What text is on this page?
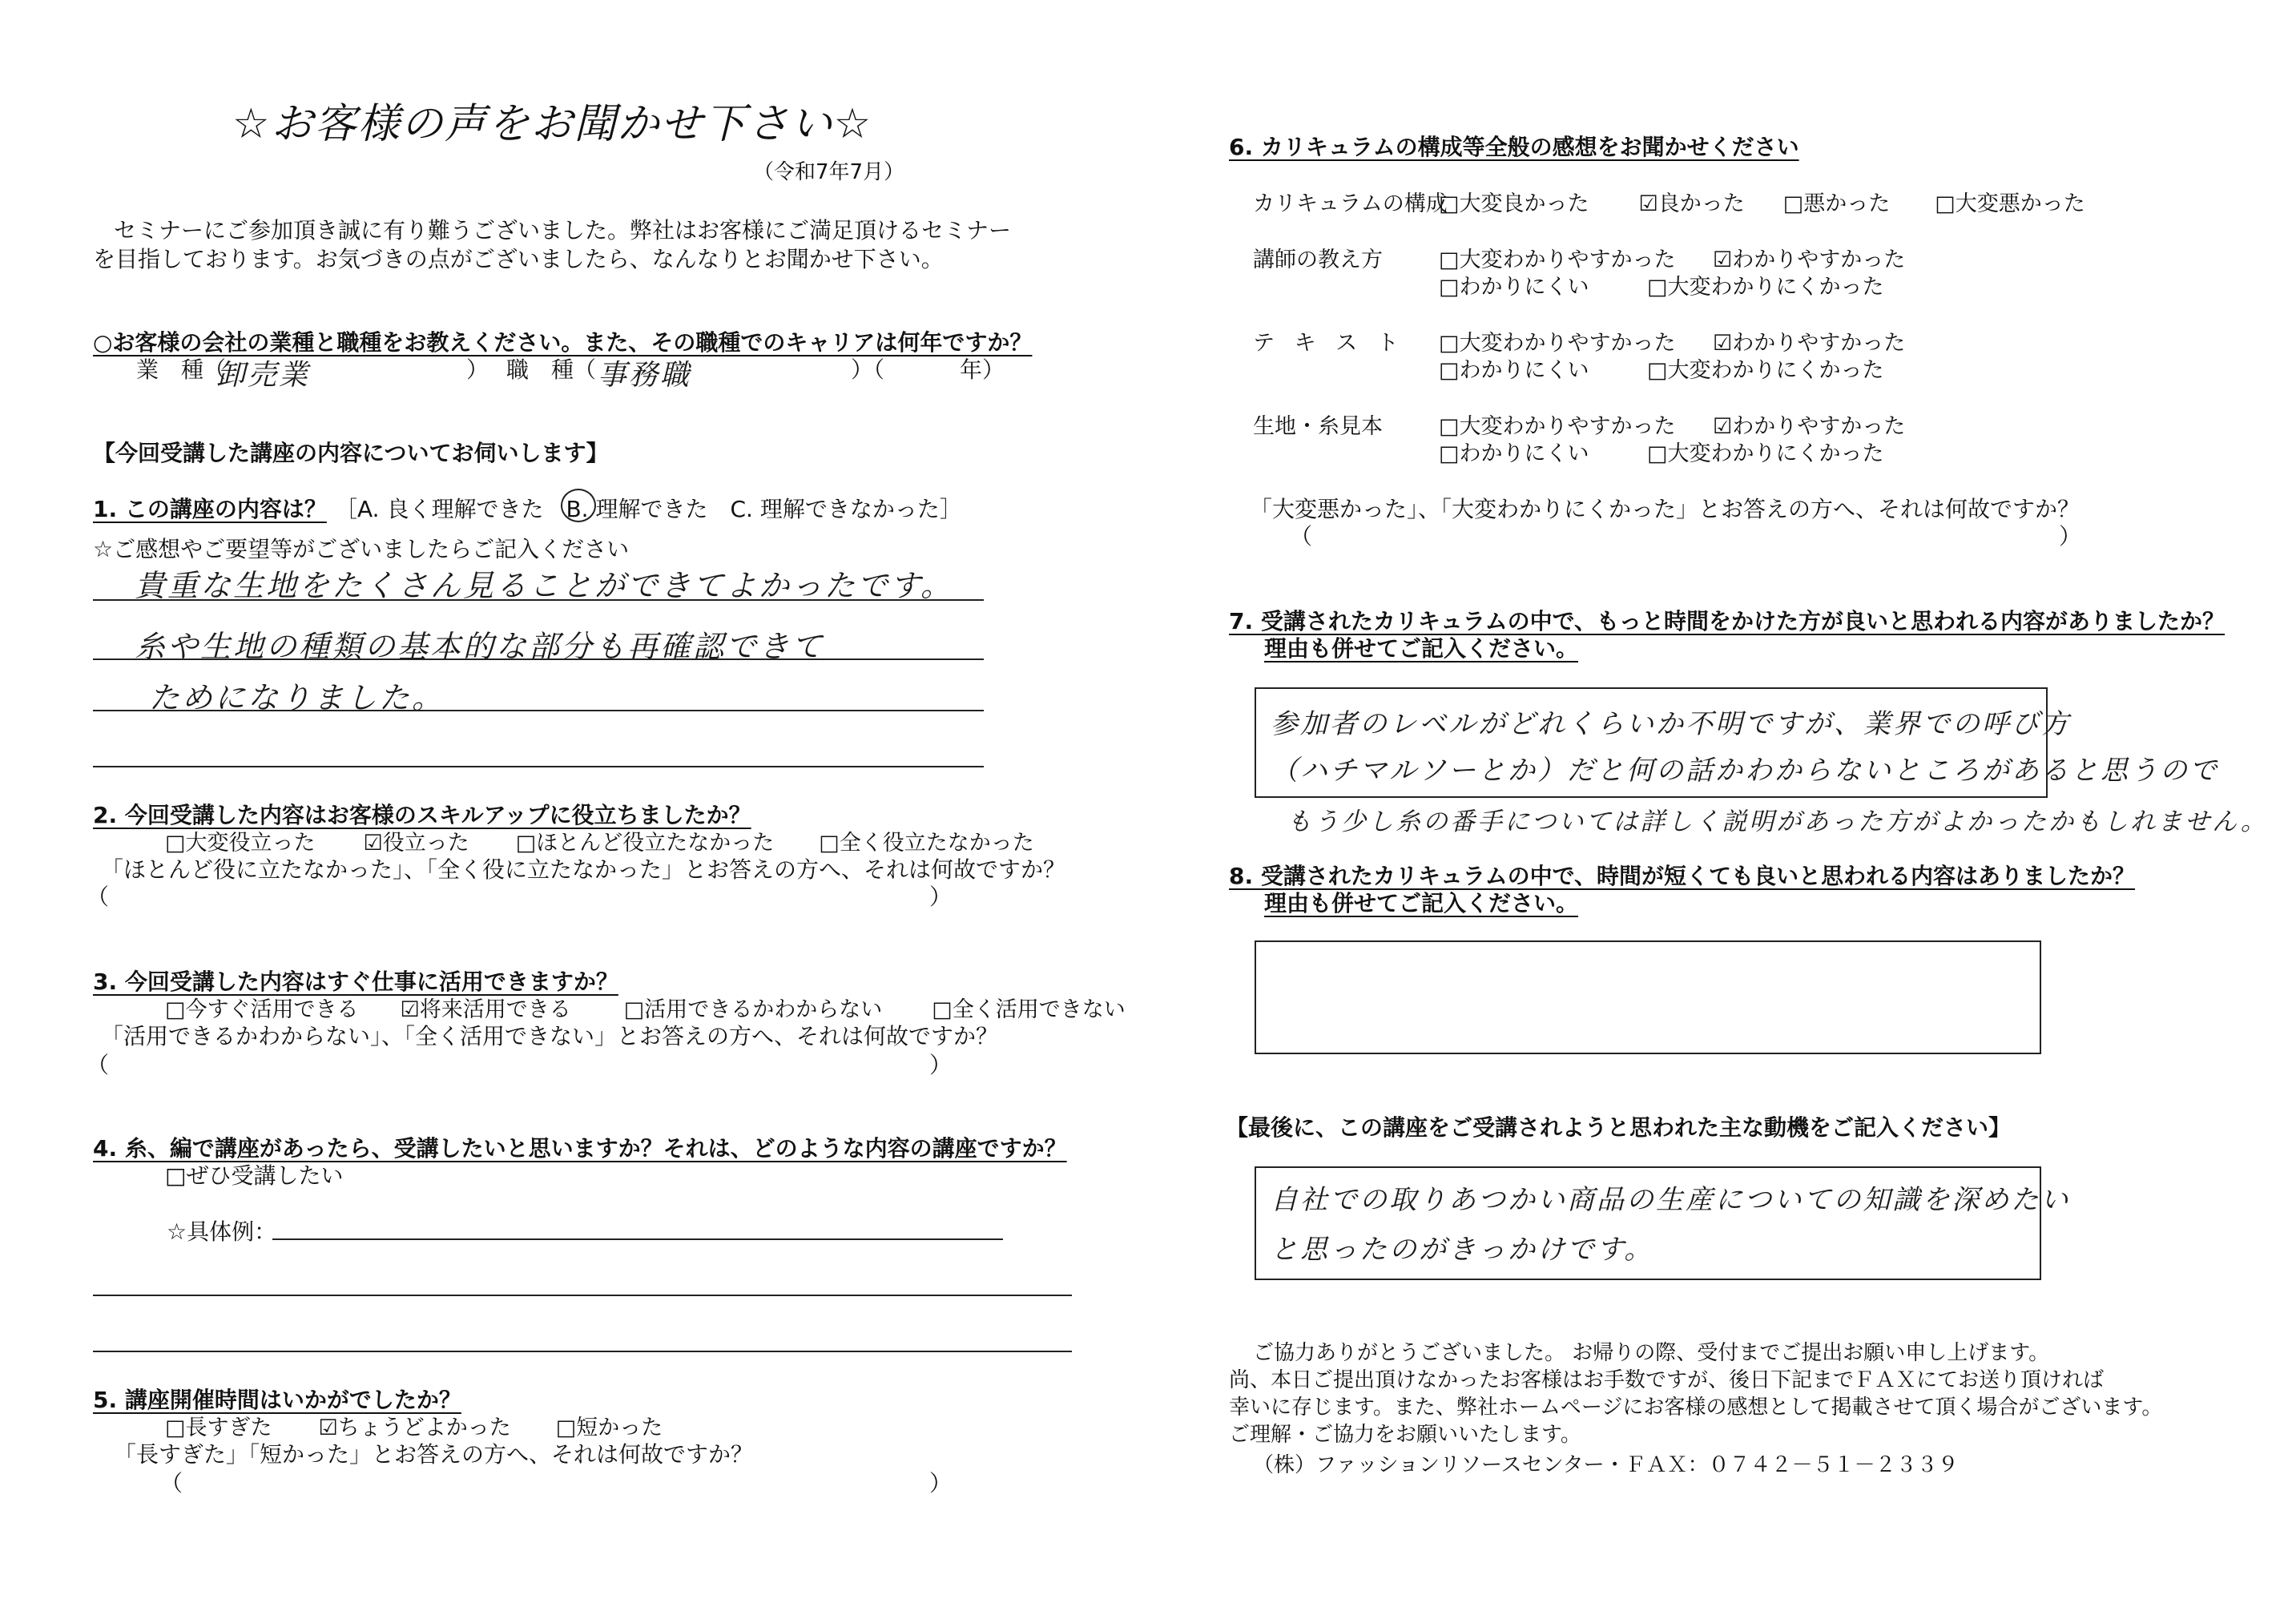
☆お客様の声をお聞かせ下さい☆
（令和7年7月）
セミナーにご参加頂き誠に有り難うございました。弊社はお客様にご満足頂けるセミナー
を目指しております。お気づきの点がございましたら、なんなりとお聞かせ下さい。
○お客様の会社の業種と職種をお教えください。また、その職種でのキャリアは何年ですか？
業　種（
卸売業	） 職　種（ 事務職	）（	年）
【今回受講した講座の内容についてお伺いします】
1. この講座の内容は？ ［A. 良く理解できた　B. 理解できた　C. 理解できなかった］
☆ご感想やご要望等がございましたらご記入ください
貴重な生地をたくさん見ることができてよかったです。
糸や生地の種類の基本的な部分も再確認できて
ためになりました。
2. 今回受講した内容はお客様のスキルアップに役立ちましたか？
□大変役立った ☑役立った □ほとんど役立たなかった □全く役立たなかった
「ほとんど役に立たなかった」、「全く役に立たなかった」とお答えの方へ、それは何故ですか？
（	）
3. 今回受講した内容はすぐ仕事に活用できますか？
□今すぐ活用できる ☑将来活用できる □活用できるかわからない □全く活用できない
「活用できるかわからない」、「全く活用できない」とお答えの方へ、それは何故ですか？
（	）
4. 糸、編で講座があったら、受講したいと思いますか？それは、どのような内容の講座ですか？
□ぜひ受講したい
☆具体例：
5. 講座開催時間はいかがでしたか？
□長すぎた ☑ちょうどよかった □短かった
「長すぎた」「短かった」とお答えの方へ、それは何故ですか？
（	）
6. カリキュラムの構成等全般の感想をお聞かせください
カリキュラムの構成
□大変良かった ☑良かった □悪かった □大変悪かった
講師の教え方	□大変わかりやすかった ☑わかりやすかった
□わかりにくい	□大変わかりにくかった
テ キ ス ト □大変わかりやすかった ☑わかりやすかった
□わかりにくい	□大変わかりにくかった
生地・糸見本	□大変わかりやすかった ☑わかりやすかった
□わかりにくい	□大変わかりにくかった
「大変悪かった」、「大変わかりにくかった」とお答えの方へ、それは何故ですか？
（	）
7. 受講されたカリキュラムの中で、もっと時間をかけた方が良いと思われる内容がありましたか？
理由も併せてご記入ください。
参加者のレベルがどれくらいか不明ですが、業界での呼び方
（ハチマルソーとか）だと何の話かわからないところがあると思うので
もう少し糸の番手については詳しく説明があった方がよかったかもしれません。
8. 受講されたカリキュラムの中で、時間が短くても良いと思われる内容はありましたか？
理由も併せてご記入ください。
【最後に、この講座をご受講されようと思われた主な動機をご記入ください】
自社での取りあつかい商品の生産についての知識を深めたい
と思ったのがきっかけです。
ご協力ありがとうございました。 お帰りの際、受付までご提出お願い申し上げます。
尚、本日ご提出頂けなかったお客様はお手数ですが、後日下記までＦＡＸにてお送り頂ければ
幸いに存じます。また、弊社ホームページにお客様の感想として掲載させて頂く場合がございます。
ご理解・ご協力をお願いいたします。
（株）ファッションリソースセンター・ＦＡＸ：０７４２－５１－２３３９
